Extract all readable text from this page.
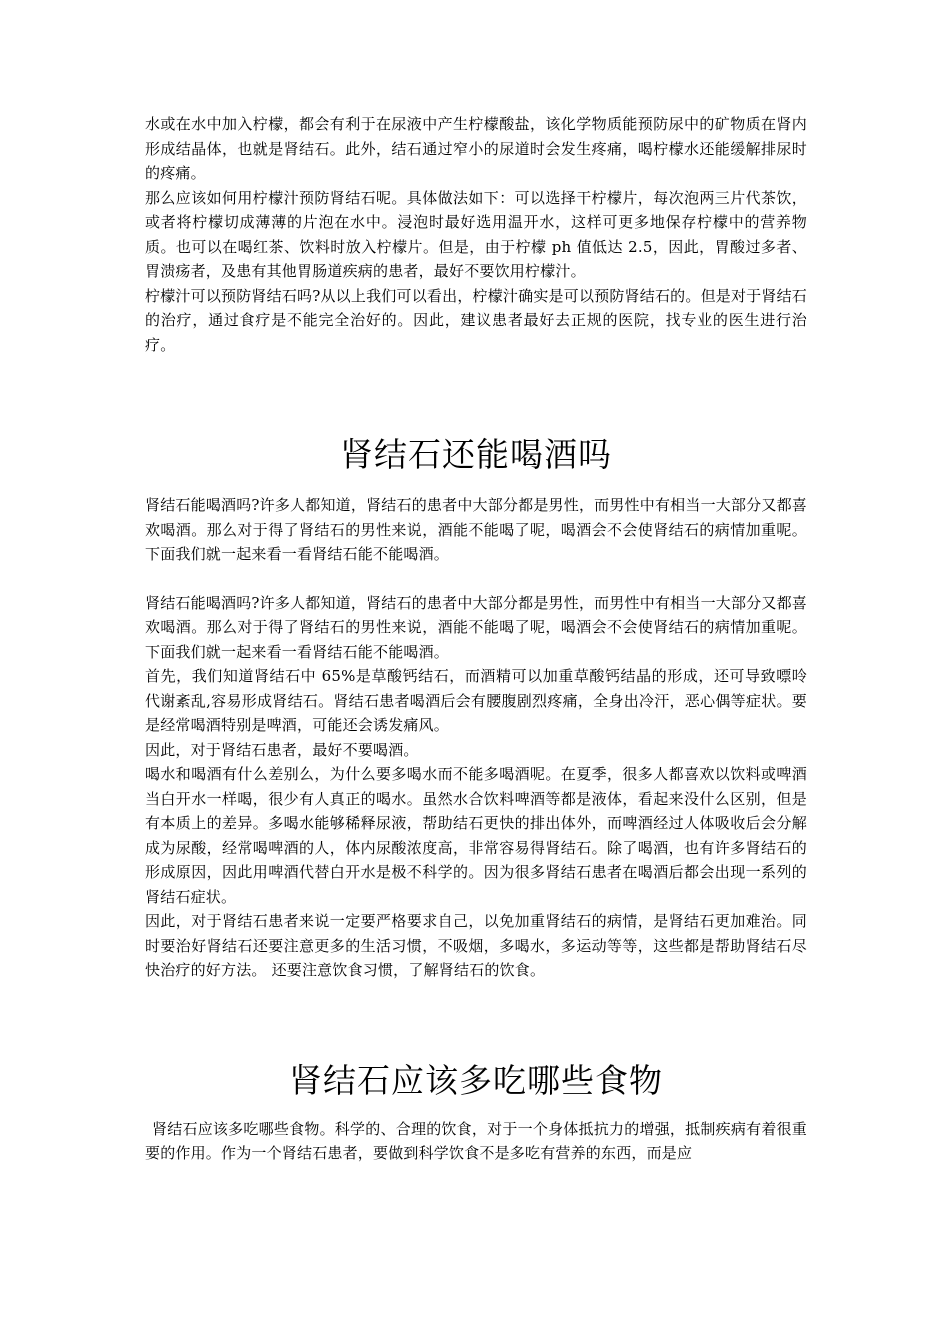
水或在水中加入柠檬，都会有利于在尿液中产生柠檬酸盐，该化学物质能预防尿中的矿物质在肾内形成结晶体，也就是肾结石。此外，结石通过窄小的尿道时会发生疼痛，喝柠檬水还能缓解排尿时的疼痛。

那么应该如何用柠檬汁预防肾结石呢。具体做法如下：可以选择干柠檬片，每次泡两三片代茶饮，或者将柠檬切成薄薄的片泡在水中。浸泡时最好选用温开水，这样可更多地保存柠檬中的营养物质。也可以在喝红茶、饮料时放入柠檬片。但是，由于柠檬 ph 值低达 2.5，因此，胃酸过多者、胃溃疡者，及患有其他胃肠道疾病的患者，最好不要饮用柠檬汁。

柠檬汁可以预防肾结石吗?从以上我们可以看出，柠檬汁确实是可以预防肾结石的。但是对于肾结石的治疗，通过食疗是不能完全治好的。因此，建议患者最好去正规的医院，找专业的医生进行治疗。

肾结石还能喝酒吗

肾结石能喝酒吗?许多人都知道，肾结石的患者中大部分都是男性，而男性中有相当一大部分又都喜欢喝酒。那么对于得了肾结石的男性来说，酒能不能喝了呢，喝酒会不会使肾结石的病情加重呢。下面我们就一起来看一看肾结石能不能喝酒。

肾结石能喝酒吗?许多人都知道，肾结石的患者中大部分都是男性，而男性中有相当一大部分又都喜欢喝酒。那么对于得了肾结石的男性来说，酒能不能喝了呢，喝酒会不会使肾结石的病情加重呢。下面我们就一起来看一看肾结石能不能喝酒。

首先，我们知道肾结石中 65%是草酸钙结石，而酒精可以加重草酸钙结晶的形成，还可导致嘌呤代谢紊乱,容易形成肾结石。肾结石患者喝酒后会有腰腹剧烈疼痛，全身出冷汗，恶心偶等症状。要是经常喝酒特别是啤酒，可能还会诱发痛风。

因此，对于肾结石患者，最好不要喝酒。

喝水和喝酒有什么差别么，为什么要多喝水而不能多喝酒呢。在夏季，很多人都喜欢以饮料或啤酒当白开水一样喝，很少有人真正的喝水。虽然水合饮料啤酒等都是液体，看起来没什么区别，但是有本质上的差异。多喝水能够稀释尿液，帮助结石更快的排出体外，而啤酒经过人体吸收后会分解成为尿酸，经常喝啤酒的人，体内尿酸浓度高，非常容易得肾结石。除了喝酒，也有许多肾结石的形成原因，因此用啤酒代替白开水是极不科学的。因为很多肾结石患者在喝酒后都会出现一系列的肾结石症状。

因此，对于肾结石患者来说一定要严格要求自己，以免加重肾结石的病情，是肾结石更加难治。同时要治好肾结石还要注意更多的生活习惯，不吸烟，多喝水，多运动等等，这些都是帮助肾结石尽快治疗的好方法。 还要注意饮食习惯，了解肾结石的饮食。

肾结石应该多吃哪些食物

肾结石应该多吃哪些食物。科学的、合理的饮食，对于一个身体抵抗力的增强，抵制疾病有着很重要的作用。作为一个肾结石患者，要做到科学饮食不是多吃有营养的东西，而是应
